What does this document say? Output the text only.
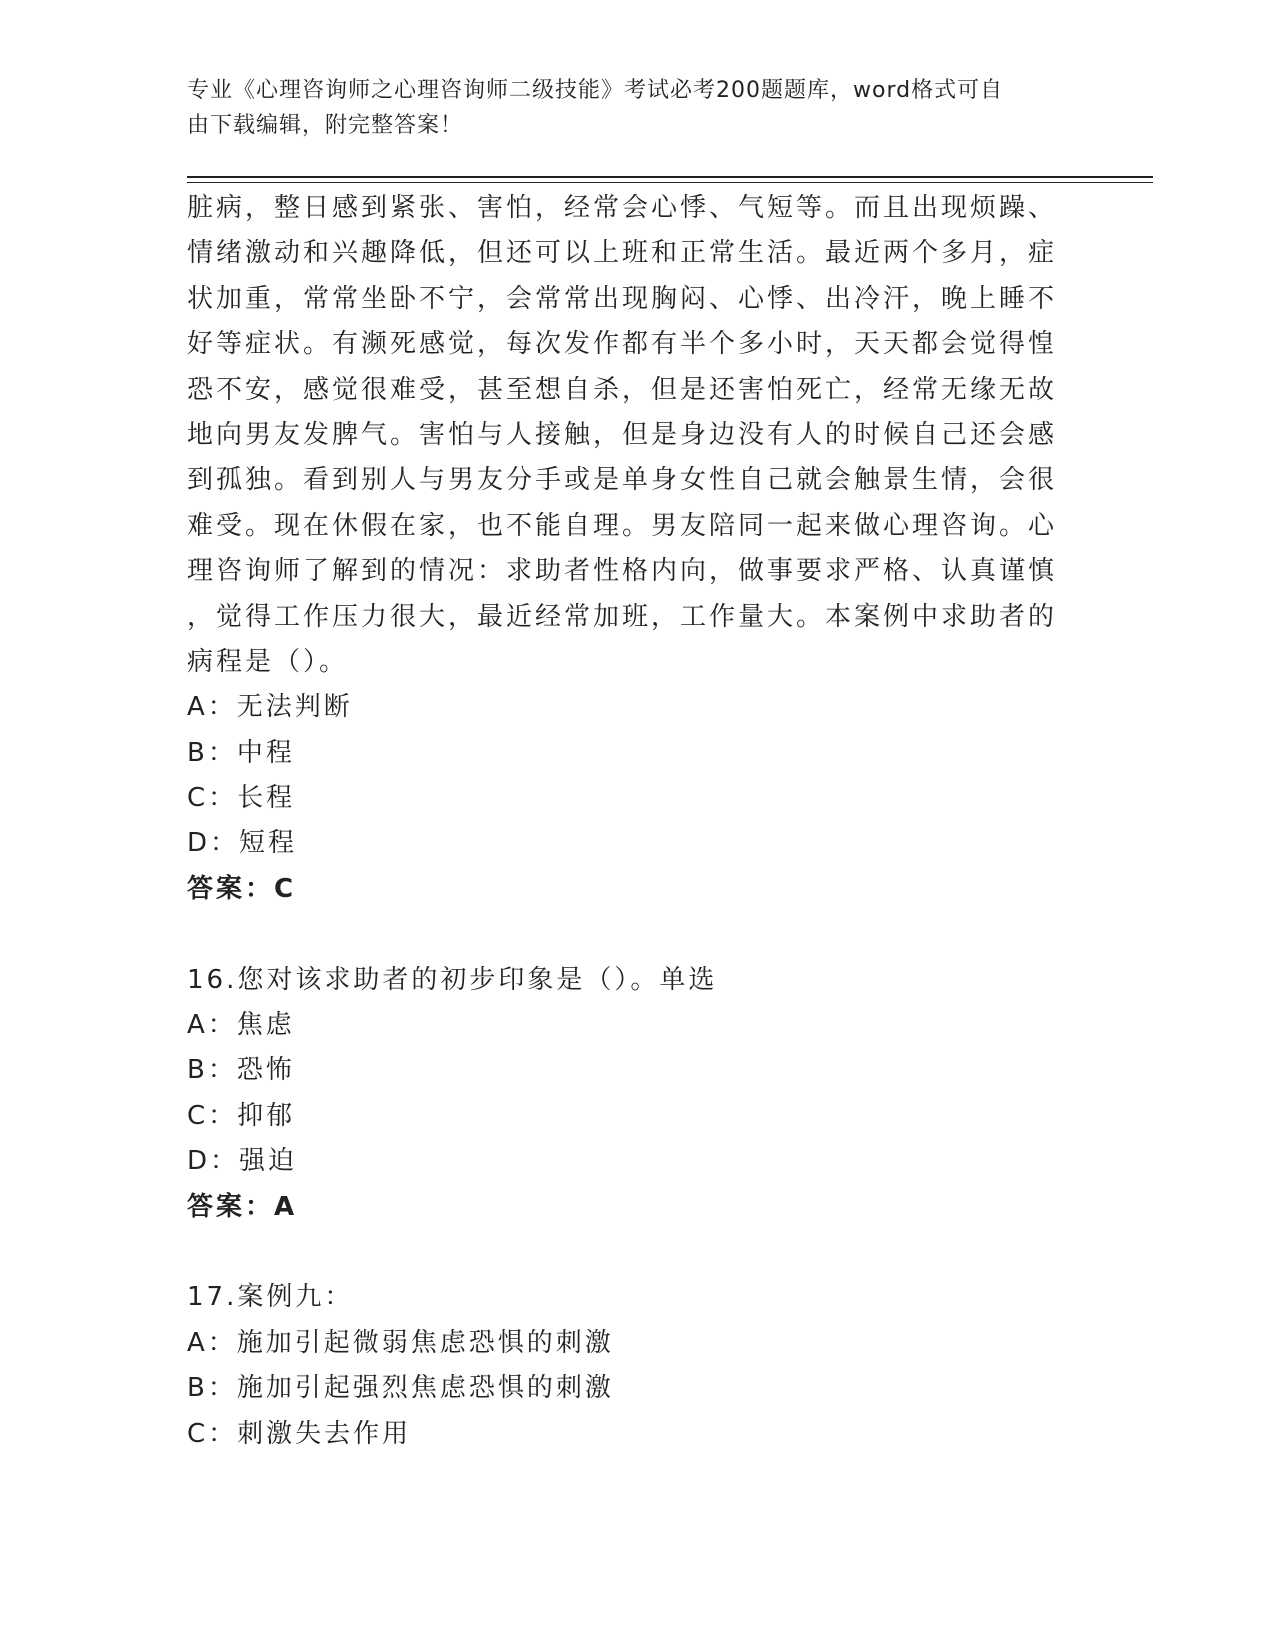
专业《心理咨询师之心理咨询师二级技能》考试必考200题题库，word格式可自
由下载编辑，附完整答案！
脏病，整日感到紧张、害怕，经常会心悸、气短等。而且出现烦躁、
情绪激动和兴趣降低，但还可以上班和正常生活。最近两个多月，症
状加重，常常坐卧不宁，会常常出现胸闷、心悸、出冷汗，晚上睡不
好等症状。有濒死感觉，每次发作都有半个多小时，天天都会觉得惶
恐不安，感觉很难受，甚至想自杀，但是还害怕死亡，经常无缘无故
地向男友发脾气。害怕与人接触，但是身边没有人的时候自己还会感
到孤独。看到别人与男友分手或是单身女性自己就会触景生情，会很
难受。现在休假在家，也不能自理。男友陪同一起来做心理咨询。心
理咨询师了解到的情况：求助者性格内向，做事要求严格、认真谨慎
，觉得工作压力很大，最近经常加班，工作量大。本案例中求助者的
病程是（）。
A：无法判断
B：中程
C：长程
D：短程
答案：C
16.您对该求助者的初步印象是（）。单选
A：焦虑
B：恐怖
C：抑郁
D：强迫
答案：A
17.案例九：
A：施加引起微弱焦虑恐惧的刺激
B：施加引起强烈焦虑恐惧的刺激
C：刺激失去作用
